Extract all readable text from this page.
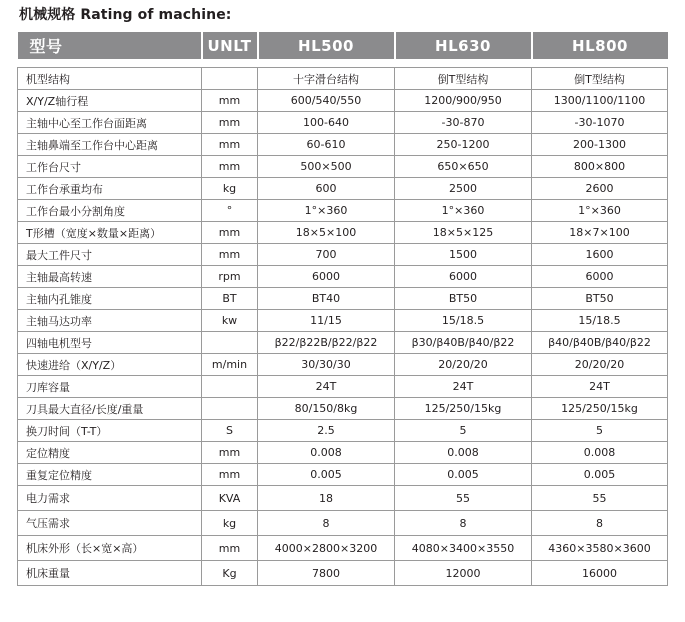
机械规格 Rating of machine:
型号	UNLT	HL500	HL630	HL800

机型结构		十字滑台结构	倒T型结构	倒T型结构
X/Y/Z轴行程	mm	600/540/550	1200/900/950	1300/1100/1100
主轴中心至工作台面距离	mm	100-640	-30-870	-30-1070
主轴鼻端至工作台中心距离	mm	60-610	250-1200	200-1300
工作台尺寸	mm	500×500	650×650	800×800
工作台承重均布	kg	600	2500	2600
工作台最小分割角度	°	1°×360	1°×360	1°×360
T形槽（宽度×数量×距离）	mm	18×5×100	18×5×125	18×7×100
最大工件尺寸	mm	700	1500	1600
主轴最高转速	rpm	6000	6000	6000
主轴内孔锥度	BT	BT40	BT50	BT50
主轴马达功率	kw	11/15	15/18.5	15/18.5
四轴电机型号		β22/β22B/β22/β22	β30/β40B/β40/β22	β40/β40B/β40/β22
快速进给（X/Y/Z）	m/min	30/30/30	20/20/20	20/20/20
刀库容量		24T	24T	24T
刀具最大直径/长度/重量		80/150/8kg	125/250/15kg	125/250/15kg
换刀时间（T-T）	S	2.5	5	5
定位精度	mm	0.008	0.008	0.008
重复定位精度	mm	0.005	0.005	0.005
电力需求	KVA	18	55	55
气压需求	kg	8	8	8
机床外形（长×宽×高）	mm	4000×2800×3200	4080×3400×3550	4360×3580×3600
机床重量	Kg	7800	12000	16000
